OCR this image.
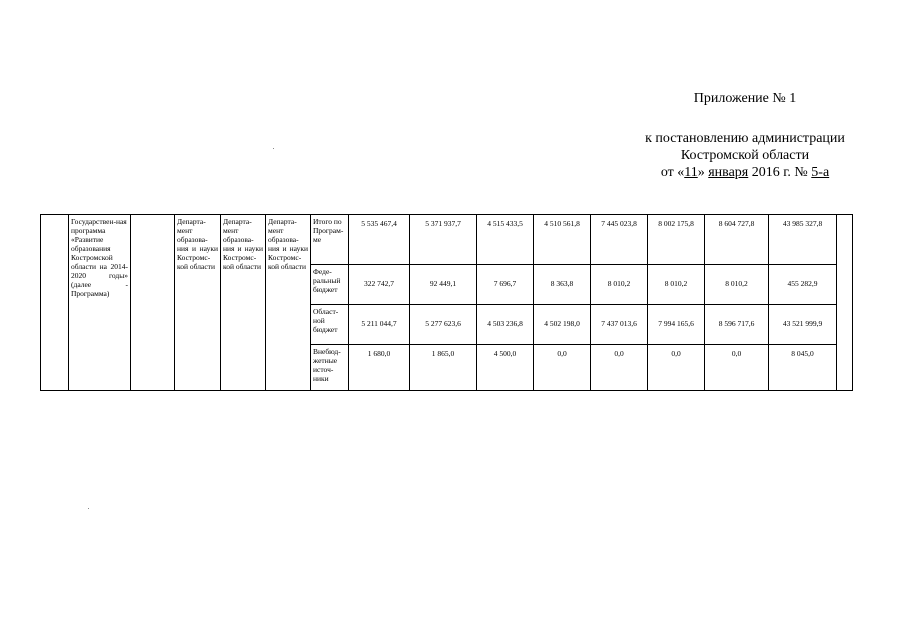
Приложение № 1
к постановлению администрации
Костромской области
от «11» января 2016 г. № 5-а
	Государствен-ная программа «Развитие образования Костромской области на 2014-2020 годы» (далее - Программа)		Департа-мент образова-ния и науки Костромс-кой области	Департа-мент образова-ния и науки Костромс-кой области	Департа-мент образова-ния и науки Костромс-кой области	Итого по Програм-ме	5 535 467,4	5 371 937,7	4 515 433,5	4 510 561,8	7 445 023,8	8 002 175,8	8 604 727,8	43 985 327,8	
						Феде-ральный бюджет	322 742,7	92 449,1	7 696,7	8 363,8	8 010,2	8 010,2	8 010,2	455 282,9	
						Област-ной бюджет	5 211 044,7	5 277 623,6	4 503 236,8	4 502 198,0	7 437 013,6	7 994 165,6	8 596 717,6	43 521 999,9	
						Внебюд-жетные источ-ники	1 680,0	1 865,0	4 500,0	0,0	0,0	0,0	0,0	8 045,0	
